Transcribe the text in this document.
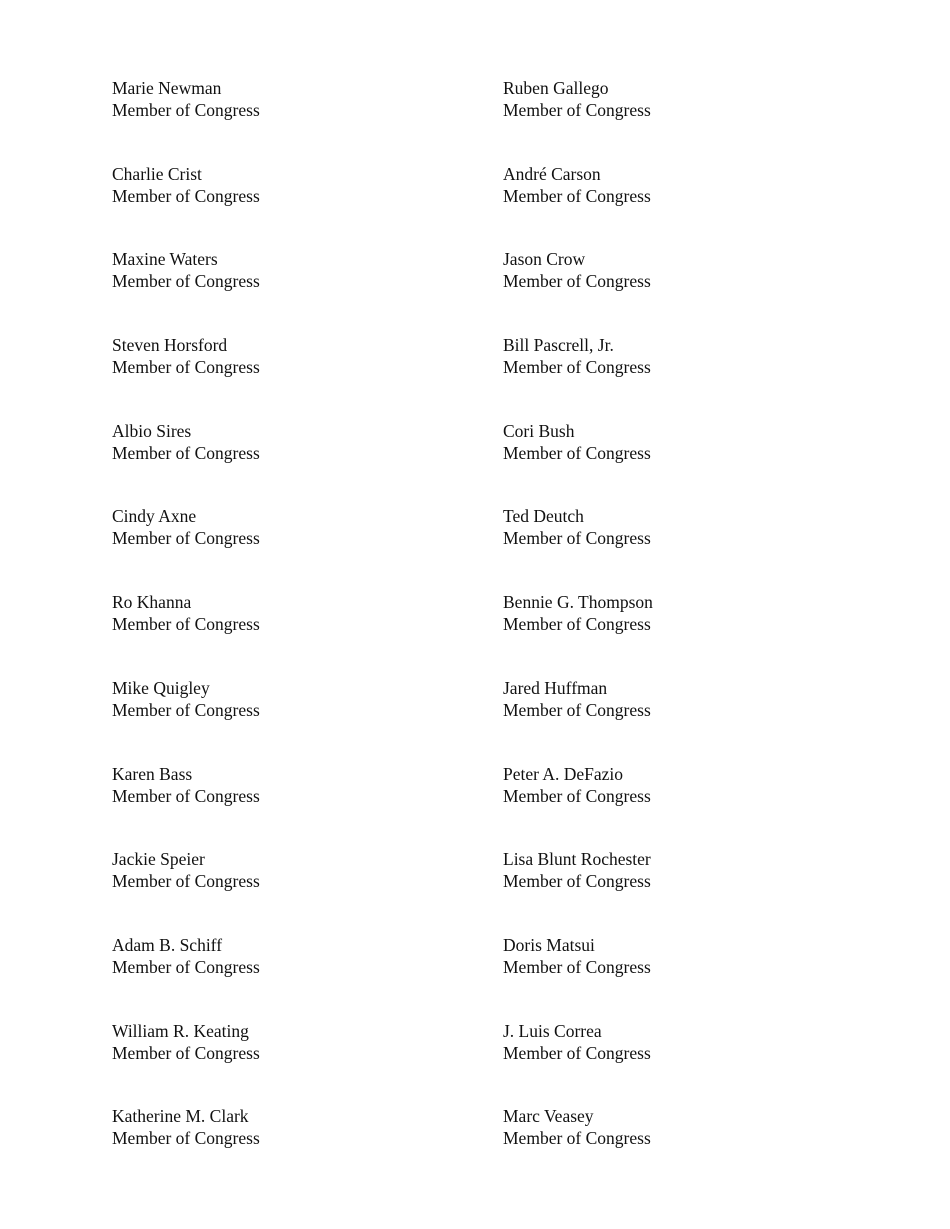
Marie Newman
Member of Congress
Charlie Crist
Member of Congress
Maxine Waters
Member of Congress
Steven Horsford
Member of Congress
Albio Sires
Member of Congress
Cindy Axne
Member of Congress
Ro Khanna
Member of Congress
Mike Quigley
Member of Congress
Karen Bass
Member of Congress
Jackie Speier
Member of Congress
Adam B. Schiff
Member of Congress
William R. Keating
Member of Congress
Katherine M. Clark
Member of Congress
Ruben Gallego
Member of Congress
André Carson
Member of Congress
Jason Crow
Member of Congress
Bill Pascrell, Jr.
Member of Congress
Cori Bush
Member of Congress
Ted Deutch
Member of Congress
Bennie G. Thompson
Member of Congress
Jared Huffman
Member of Congress
Peter A. DeFazio
Member of Congress
Lisa Blunt Rochester
Member of Congress
Doris Matsui
Member of Congress
J. Luis Correa
Member of Congress
Marc Veasey
Member of Congress
